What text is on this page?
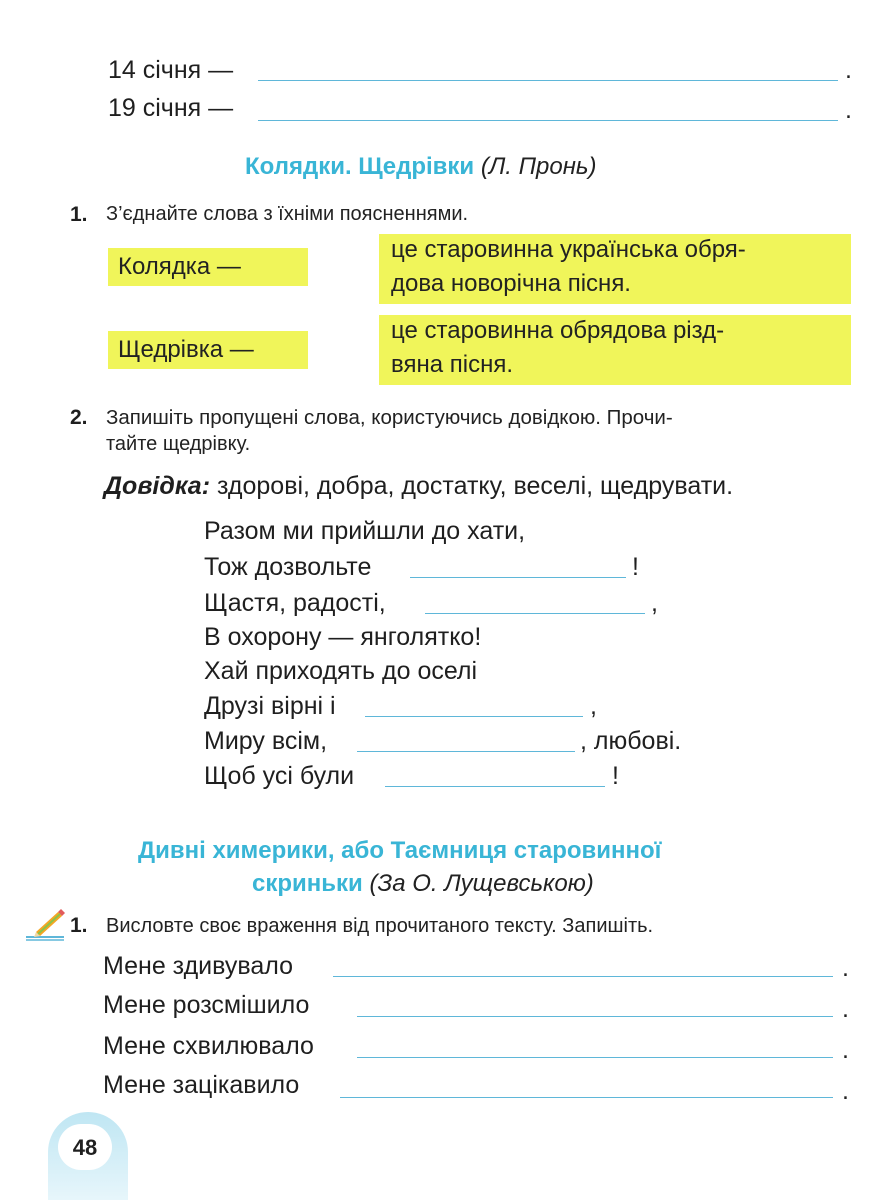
14 січня —	.
19 січня —	.
Колядки. Щедрівки (Л. Пронь)
1. З’єднайте слова з їхніми поясненнями.
Колядка —
це старовинна українська обря-
дова новорічна пісня.
Щедрівка —
це старовинна обрядова різд-
вяна пісня.
2. Запишіть пропущені слова, користуючись довідкою. Прочи-
тайте щедрівку.
Довідка: здорові, добра, достатку, веселі, щедрувати.
Разом ми прийшли до хати,
Тож дозвольте	!
Щастя, радості,	,
В охорону — янголятко!
Хай приходять до оселі
Друзі вірні і	,
Миру всім,	, любові.
Щоб усі були	!
Дивні химерики, або Таємниця старовинної
скриньки (За О. Лущевською)
1. Висловте своє враження від прочитаного тексту. Запишіть.
Мене здивувало	.
Мене розсмішило	.
Мене схвилювало	.
Мене зацікавило	.
48
